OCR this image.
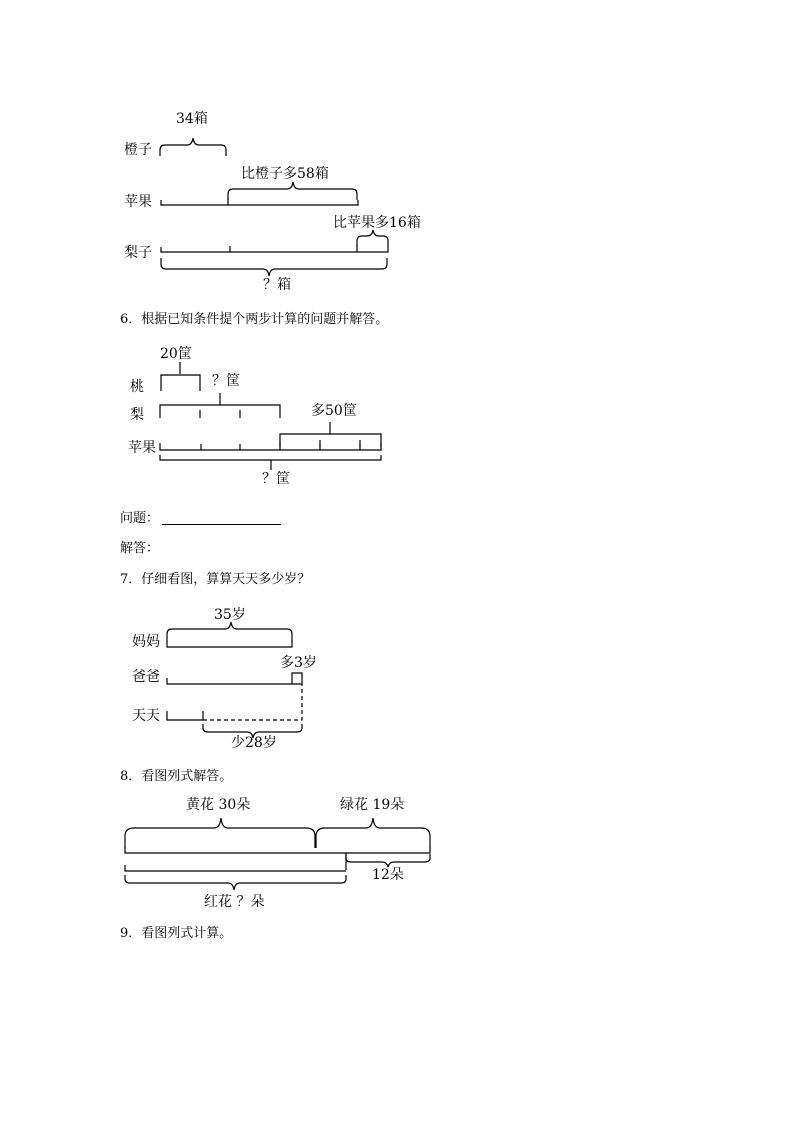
34箱
橙子
比橙子多58箱
苹果
比苹果多16箱
梨子
？箱
6．根据已知条件提个两步计算的问题并解答。
20筐
桃	？筐
梨	多50筐
苹果
？筐
问题：
解答：
7．仔细看图，算算天天多少岁？
35岁
妈妈
多3岁
爸爸
天天
少28岁
8．看图列式解答。
黄花 30朵	绿花 19朵
12朵
红花 ？朵
9．看图列式计算。
